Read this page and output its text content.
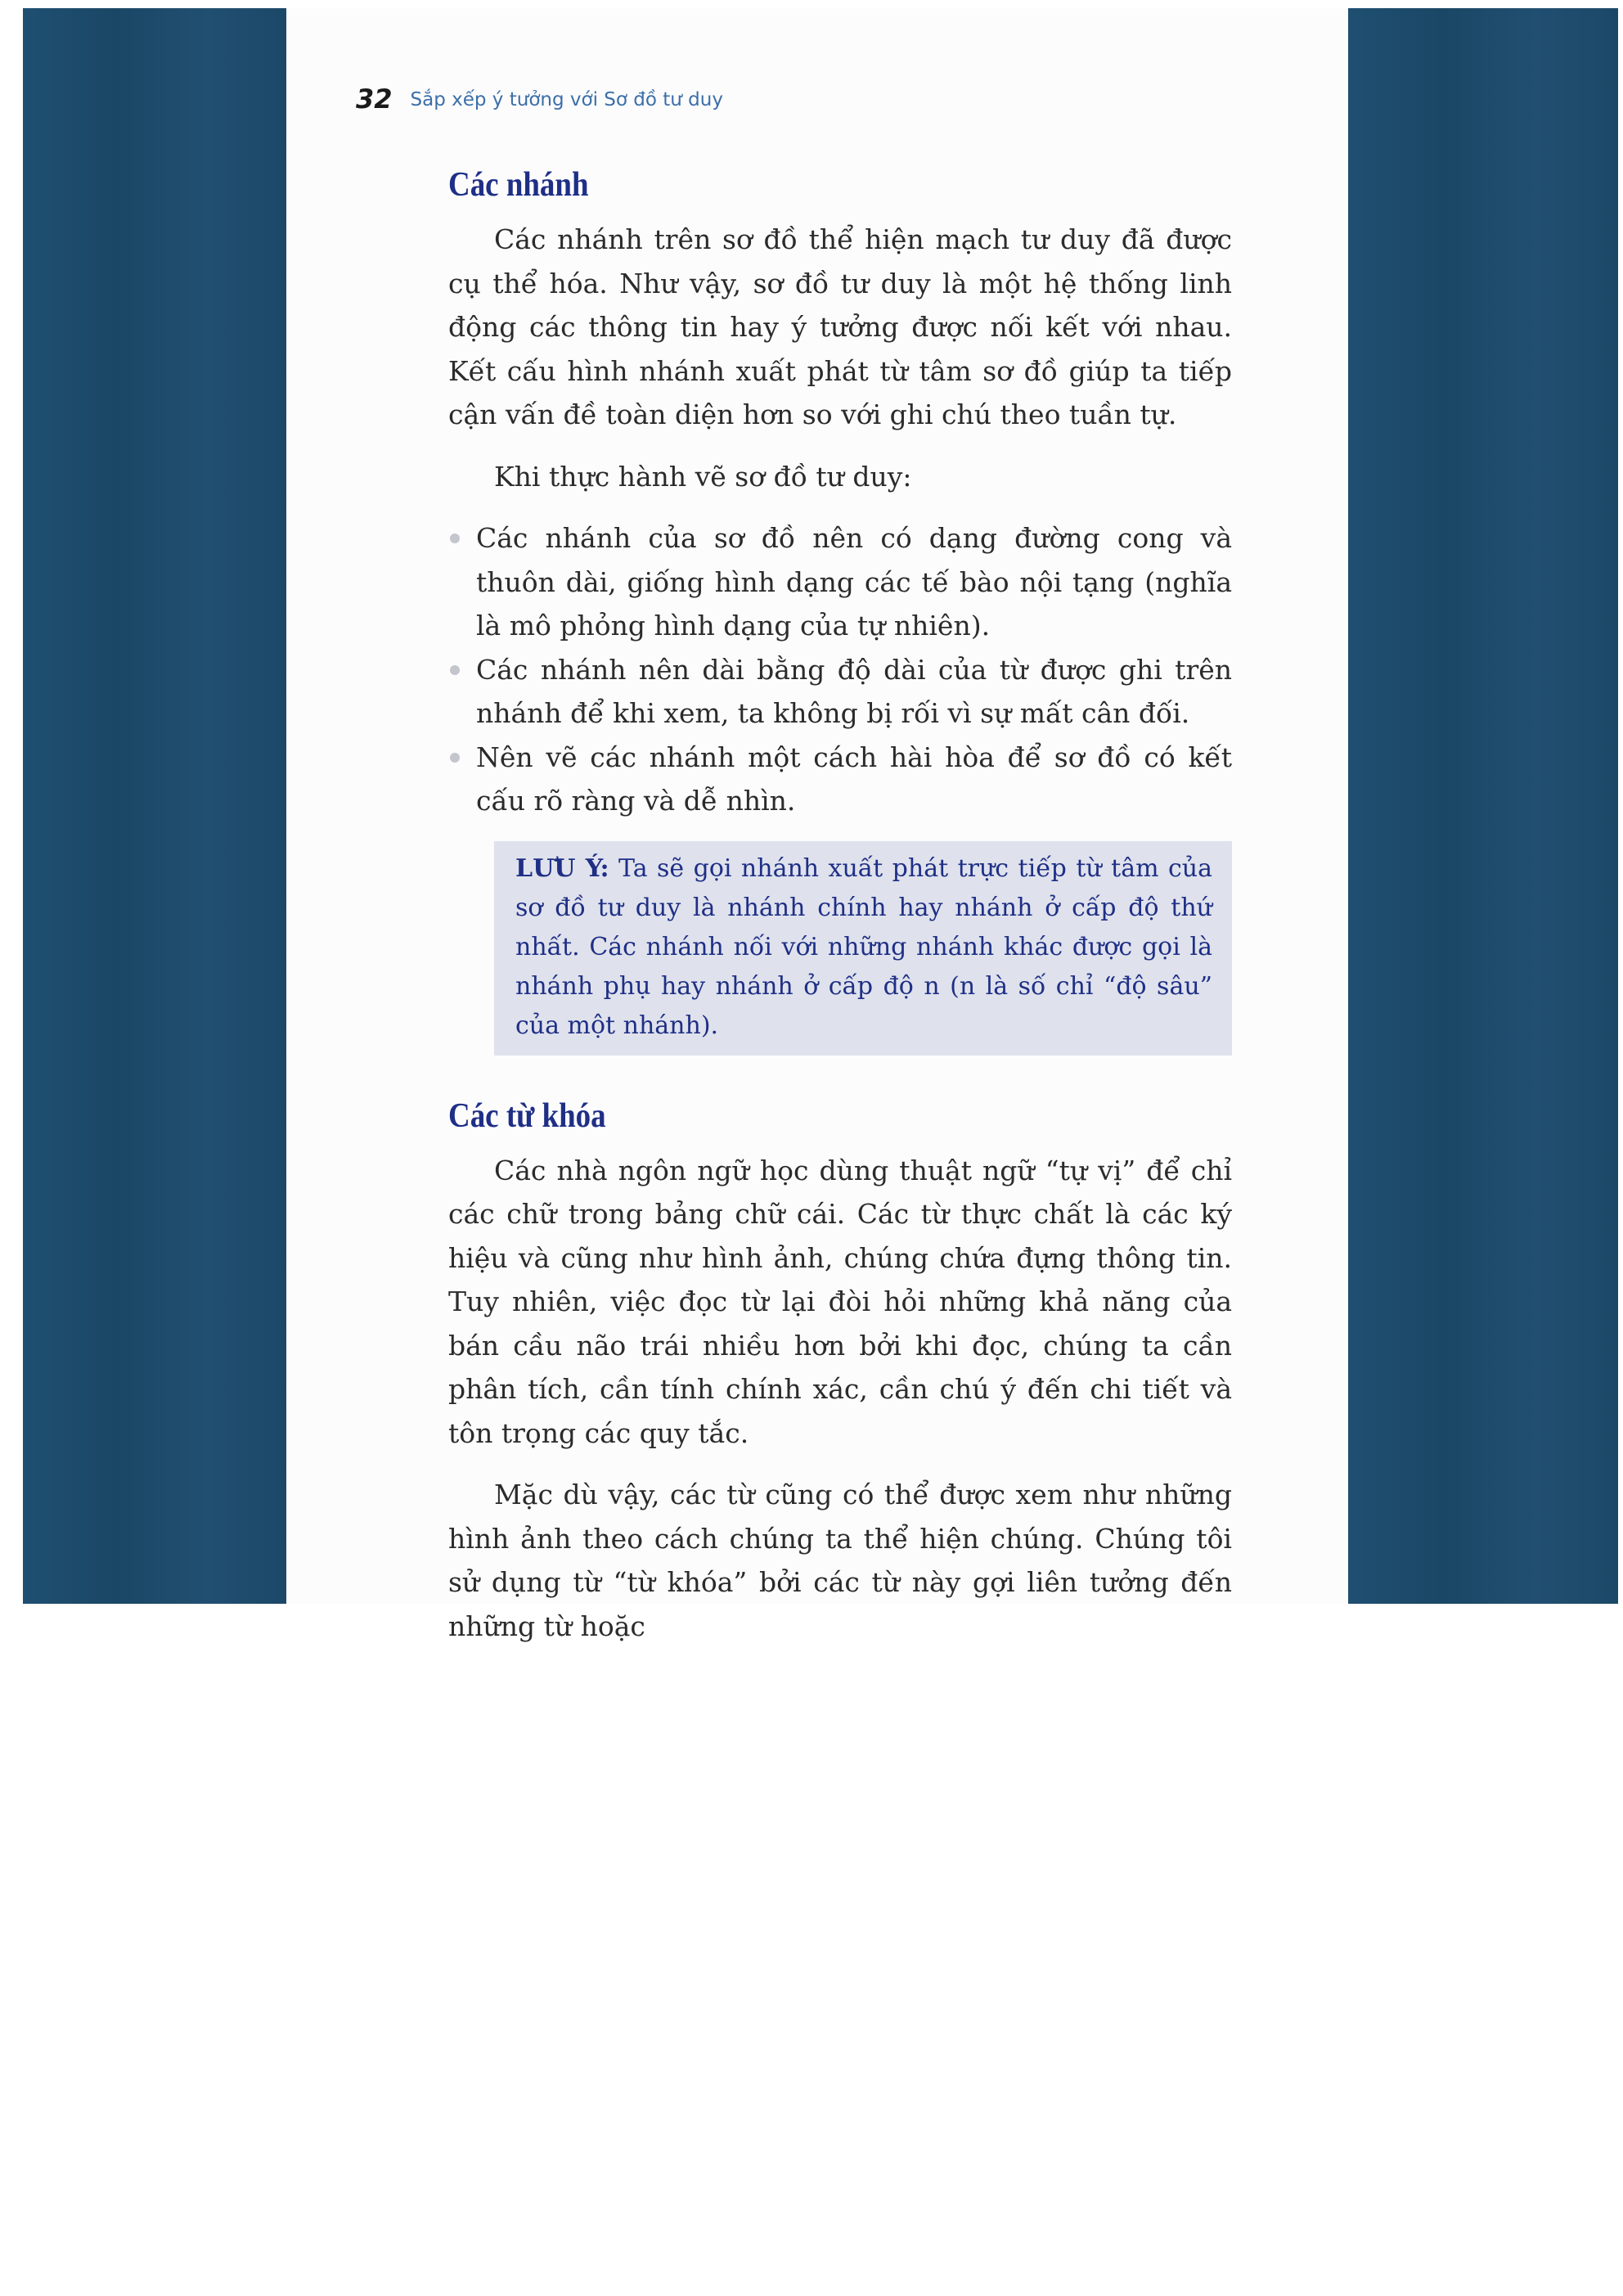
32 Sắp xếp ý tưởng với Sơ đồ tư duy
Các nhánh

Các nhánh trên sơ đồ thể hiện mạch tư duy đã được cụ thể hóa. Như vậy, sơ đồ tư duy là một hệ thống linh động các thông tin hay ý tưởng được nối kết với nhau. Kết cấu hình nhánh xuất phát từ tâm sơ đồ giúp ta tiếp cận vấn đề toàn diện hơn so với ghi chú theo tuần tự.

Khi thực hành vẽ sơ đồ tư duy:

Các nhánh của sơ đồ nên có dạng đường cong và thuôn dài, giống hình dạng các tế bào nội tạng (nghĩa là mô phỏng hình dạng của tự nhiên).
Các nhánh nên dài bằng độ dài của từ được ghi trên nhánh để khi xem, ta không bị rối vì sự mất cân đối.
Nên vẽ các nhánh một cách hài hòa để sơ đồ có kết cấu rõ ràng và dễ nhìn.
LƯU Ý: Ta sẽ gọi nhánh xuất phát trực tiếp từ tâm của sơ đồ tư duy là nhánh chính hay nhánh ở cấp độ thứ nhất. Các nhánh nối với những nhánh khác được gọi là nhánh phụ hay nhánh ở cấp độ n (n là số chỉ “độ sâu” của một nhánh).
Các từ khóa

Các nhà ngôn ngữ học dùng thuật ngữ “tự vị” để chỉ các chữ trong bảng chữ cái. Các từ thực chất là các ký hiệu và cũng như hình ảnh, chúng chứa đựng thông tin. Tuy nhiên, việc đọc từ lại đòi hỏi những khả năng của bán cầu não trái nhiều hơn bởi khi đọc, chúng ta cần phân tích, cần tính chính xác, cần chú ý đến chi tiết và tôn trọng các quy tắc.

Mặc dù vậy, các từ cũng có thể được xem như những hình ảnh theo cách chúng ta thể hiện chúng. Chúng tôi sử dụng từ “từ khóa” bởi các từ này gợi liên tưởng đến những từ hoặc
